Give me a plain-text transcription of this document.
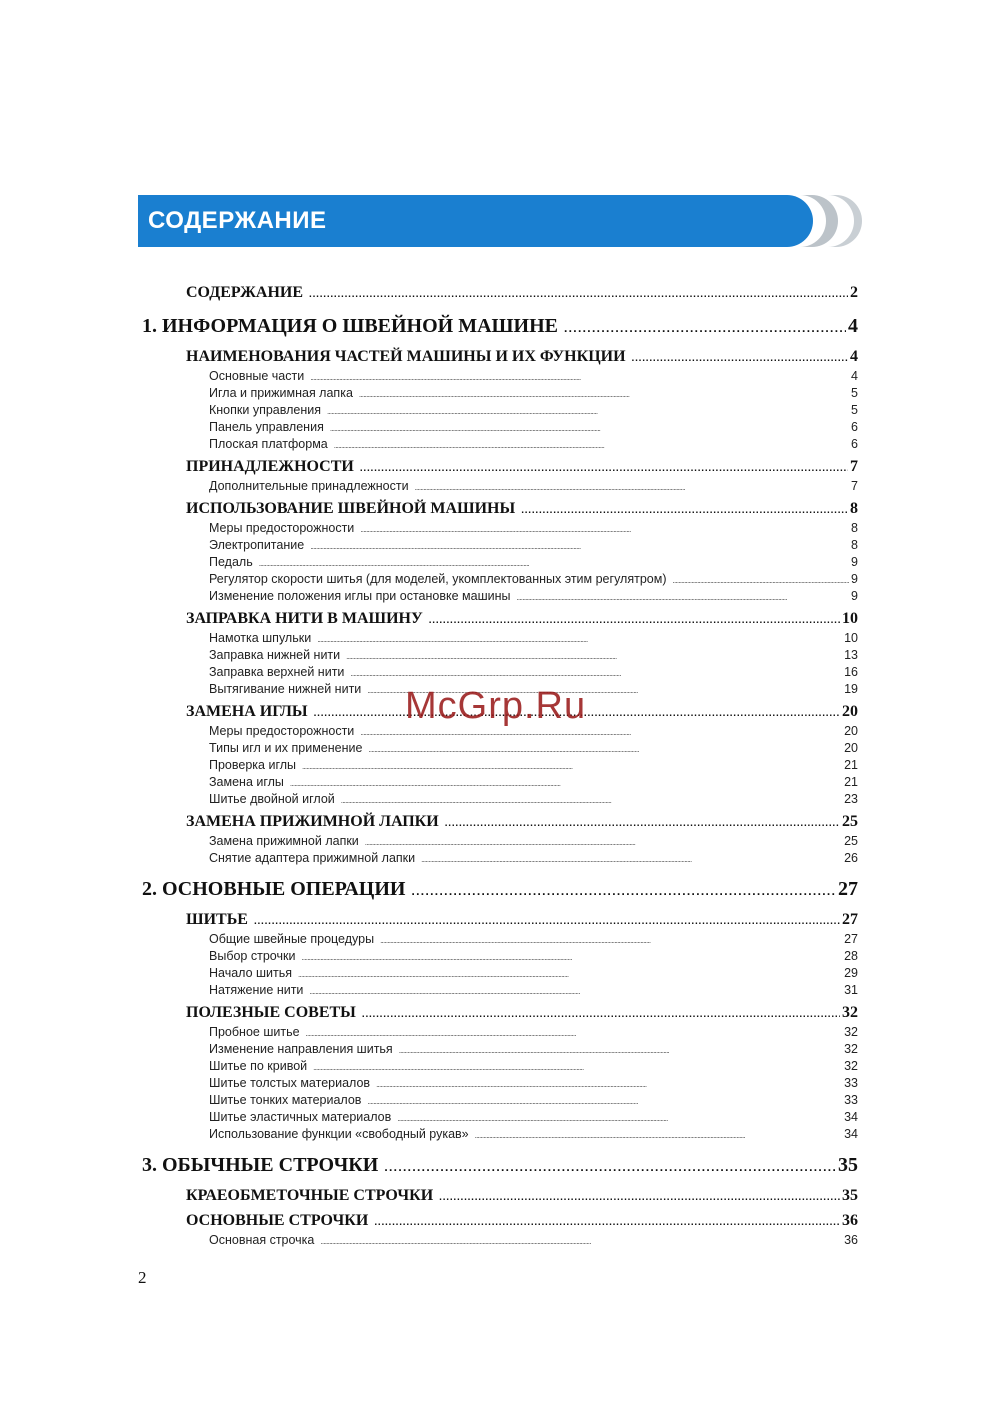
СОДЕРЖАНИЕ
СОДЕРЖАНИЕ . . .	2
1. ИНФОРМАЦИЯ О ШВЕЙНОЙ МАШИНЕ . . .	4
НАИМЕНОВАНИЯ ЧАСТЕЙ МАШИНЫ И ИХ ФУНКЦИИ . . .	4
Основные части . . .	4
Игла и прижимная лапка . . .	5
Кнопки управления . . .	5
Панель управления . . .	6
Плоская платформа . . .	6
ПРИНАДЛЕЖНОСТИ . . .	7
Дополнительные принадлежности . . .	7
ИСПОЛЬЗОВАНИЕ ШВЕЙНОЙ МАШИНЫ . . .	8
Меры предосторожности . . .	8
Электропитание . . .	8
Педаль . . .	9
Регулятор скорости шитья (для моделей, укомплектованных этим регулятром) . . .	9
Изменение положения иглы при остановке машины . . .	9
ЗАПРАВКА НИТИ В МАШИНУ . . .	10
Намотка шпульки . . .	10
Заправка нижней нити . . .	13
Заправка верхней нити . . .	16
Вытягивание нижней нити . . .	19
ЗАМЕНА ИГЛЫ . . .	20
Меры предосторожности . . .	20
Типы игл и их применение . . .	20
Проверка иглы . . .	21
Замена иглы . . .	21
Шитье двойной иглой . . .	23
ЗАМЕНА ПРИЖИМНОЙ ЛАПКИ . . .	25
Замена прижимной лапки . . .	25
Снятие адаптера прижимной лапки . . .	26
2. ОСНОВНЫЕ ОПЕРАЦИИ . . .	27
ШИТЬЕ . . .	27
Общие швейные процедуры . . .	27
Выбор строчки . . .	28
Начало шитья . . .	29
Натяжение нити . . .	31
ПОЛЕЗНЫЕ СОВЕТЫ . . .	32
Пробное шитье . . .	32
Изменение направления шитья . . .	32
Шитье по кривой . . .	32
Шитье толстых материалов . . .	33
Шитье тонких материалов . . .	33
Шитье эластичных материалов . . .	34
Использование функции «свободный рукав» . . .	34
3. ОБЫЧНЫЕ СТРОЧКИ . . .	35
КРАЕОБМЕТОЧНЫЕ СТРОЧКИ . . .	35
ОСНОВНЫЕ СТРОЧКИ . . .	36
Основная строчка . . .	36
McGrp.Ru
2
